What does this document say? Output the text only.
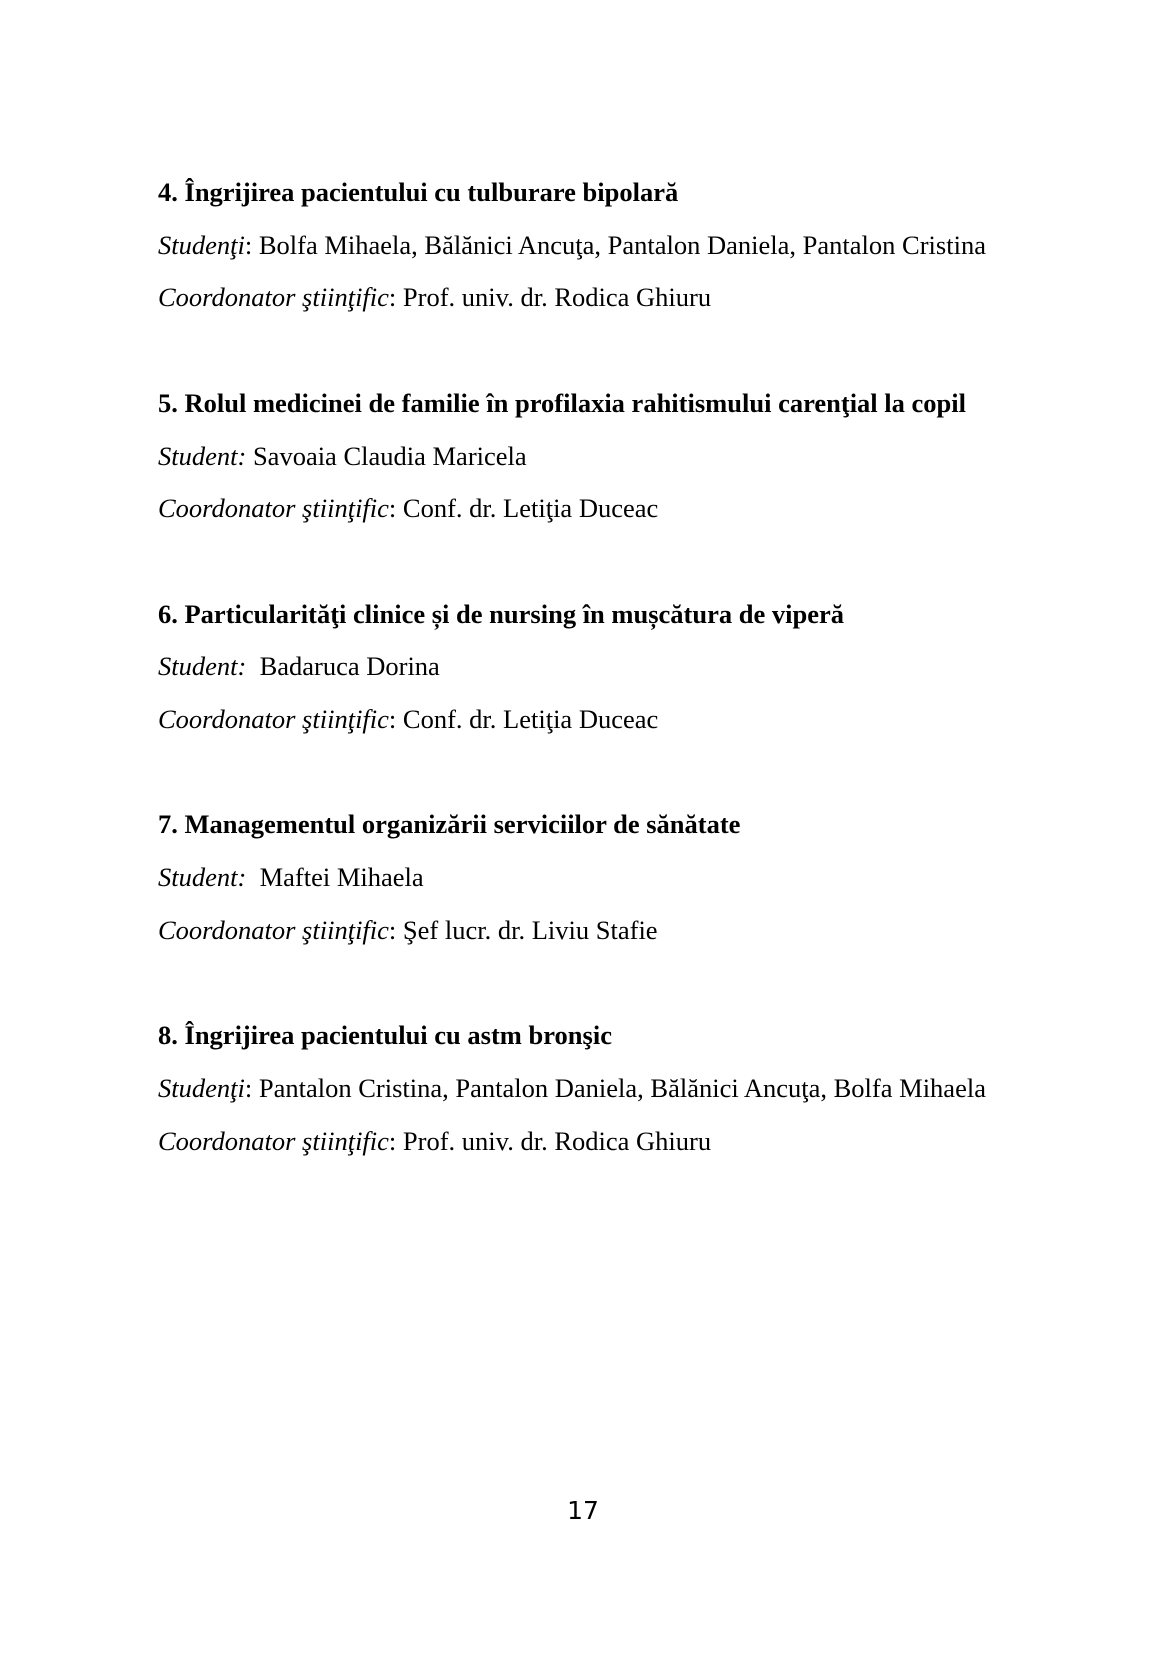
4. Îngrijirea pacientului cu tulburare bipolară

Studenţi: Bolfa Mihaela, Bălănici Ancuţa, Pantalon Daniela, Pantalon Cristina

Coordonator ştiinţific: Prof. univ. dr. Rodica Ghiuru

5. Rolul medicinei de familie în profilaxia rahitismului carenţial la copil

Student: Savoaia Claudia Maricela

Coordonator ştiinţific: Conf. dr. Letiţia Duceac

6. Particularităţi clinice și de nursing în mușcătura de viperă

Student: Badaruca Dorina

Coordonator ştiinţific: Conf. dr. Letiţia Duceac

7. Managementul organizării serviciilor de sănătate

Student: Maftei Mihaela

Coordonator ştiinţific: Şef lucr. dr. Liviu Stafie

8. Îngrijirea pacientului cu astm bronşic

Studenţi: Pantalon Cristina, Pantalon Daniela, Bălănici Ancuţa, Bolfa Mihaela

Coordonator ştiinţific: Prof. univ. dr. Rodica Ghiuru

17
